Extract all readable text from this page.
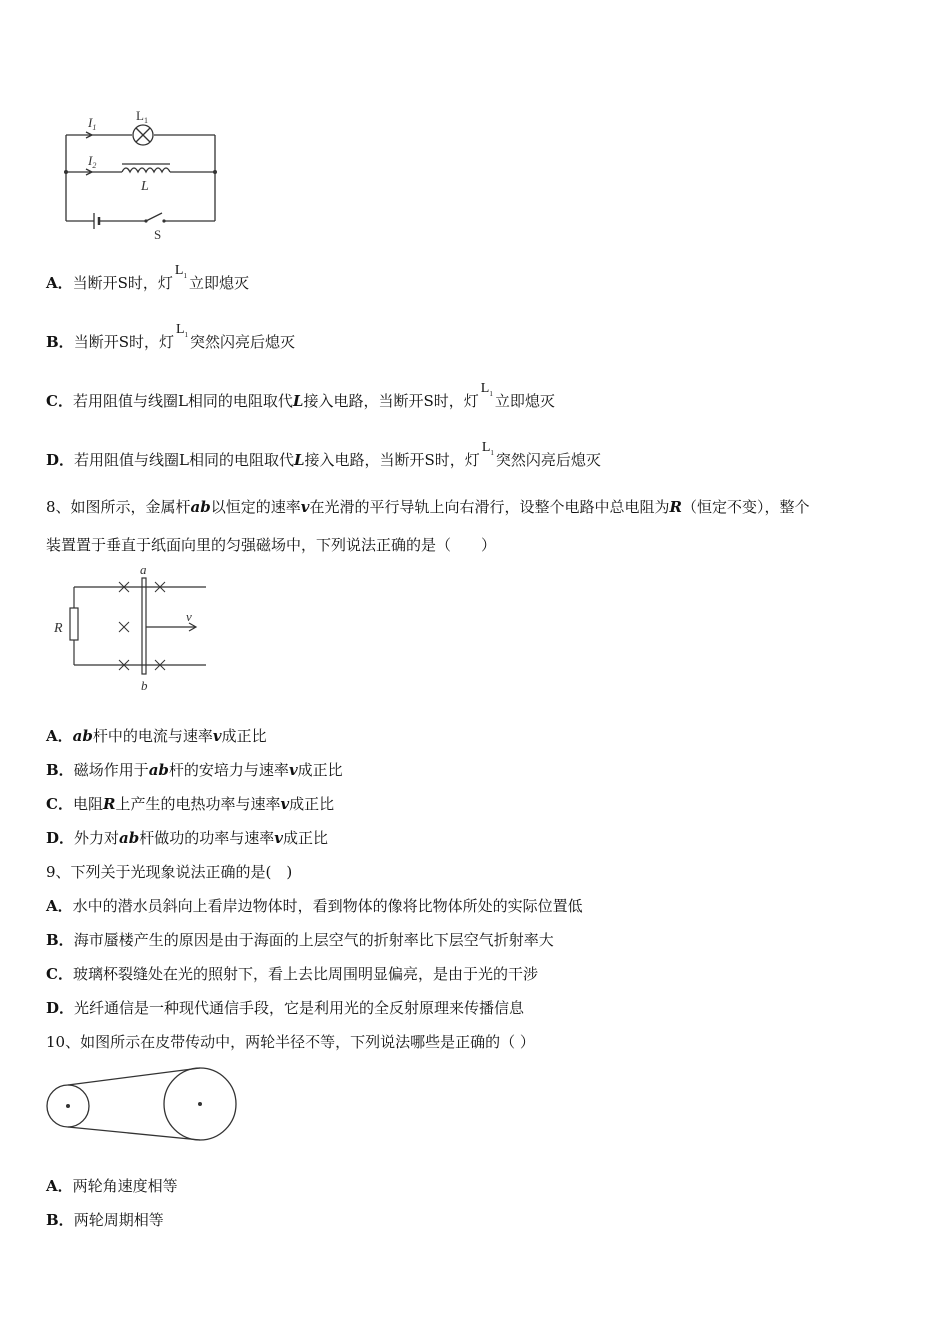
$I_1$
$I_2$
$L_1$
L
S
A．当断开S时，灯$L_1$ 立即熄灭
B．当断开S时，灯$L_1$ 突然闪亮后熄灭
C．若用阻值与线圈L相同的电阻取代L接入电路，当断开S时，灯$L_1$ 立即熄灭
D．若用阻值与线圈L相同的电阻取代L接入电路，当断开S时，灯$L_1$ 突然闪亮后熄灭
8、如图所示，金属杆ab以恒定的速率v在光滑的平行导轨上向右滑行，设整个电路中总电阻为R（恒定不变），整个
装置置于垂直于纸面向里的匀强磁场中，下列说法正确的是（　　）
a
b
R
v
A．ab杆中的电流与速率v成正比
B．磁场作用于ab杆的安培力与速率v成正比
C．电阻R上产生的电热功率与速率v成正比
D．外力对ab杆做功的功率与速率v成正比
9、下列关于光现象说法正确的是(　)
A．水中的潜水员斜向上看岸边物体时，看到物体的像将比物体所处的实际位置低
B．海市蜃楼产生的原因是由于海面的上层空气的折射率比下层空气折射率大
C．玻璃杯裂缝处在光的照射下，看上去比周围明显偏亮，是由于光的干涉
D．光纤通信是一种现代通信手段，它是利用光的全反射原理来传播信息
10、如图所示在皮带传动中，两轮半径不等，下列说法哪些是正确的（ ）
A．两轮角速度相等
B．两轮周期相等
